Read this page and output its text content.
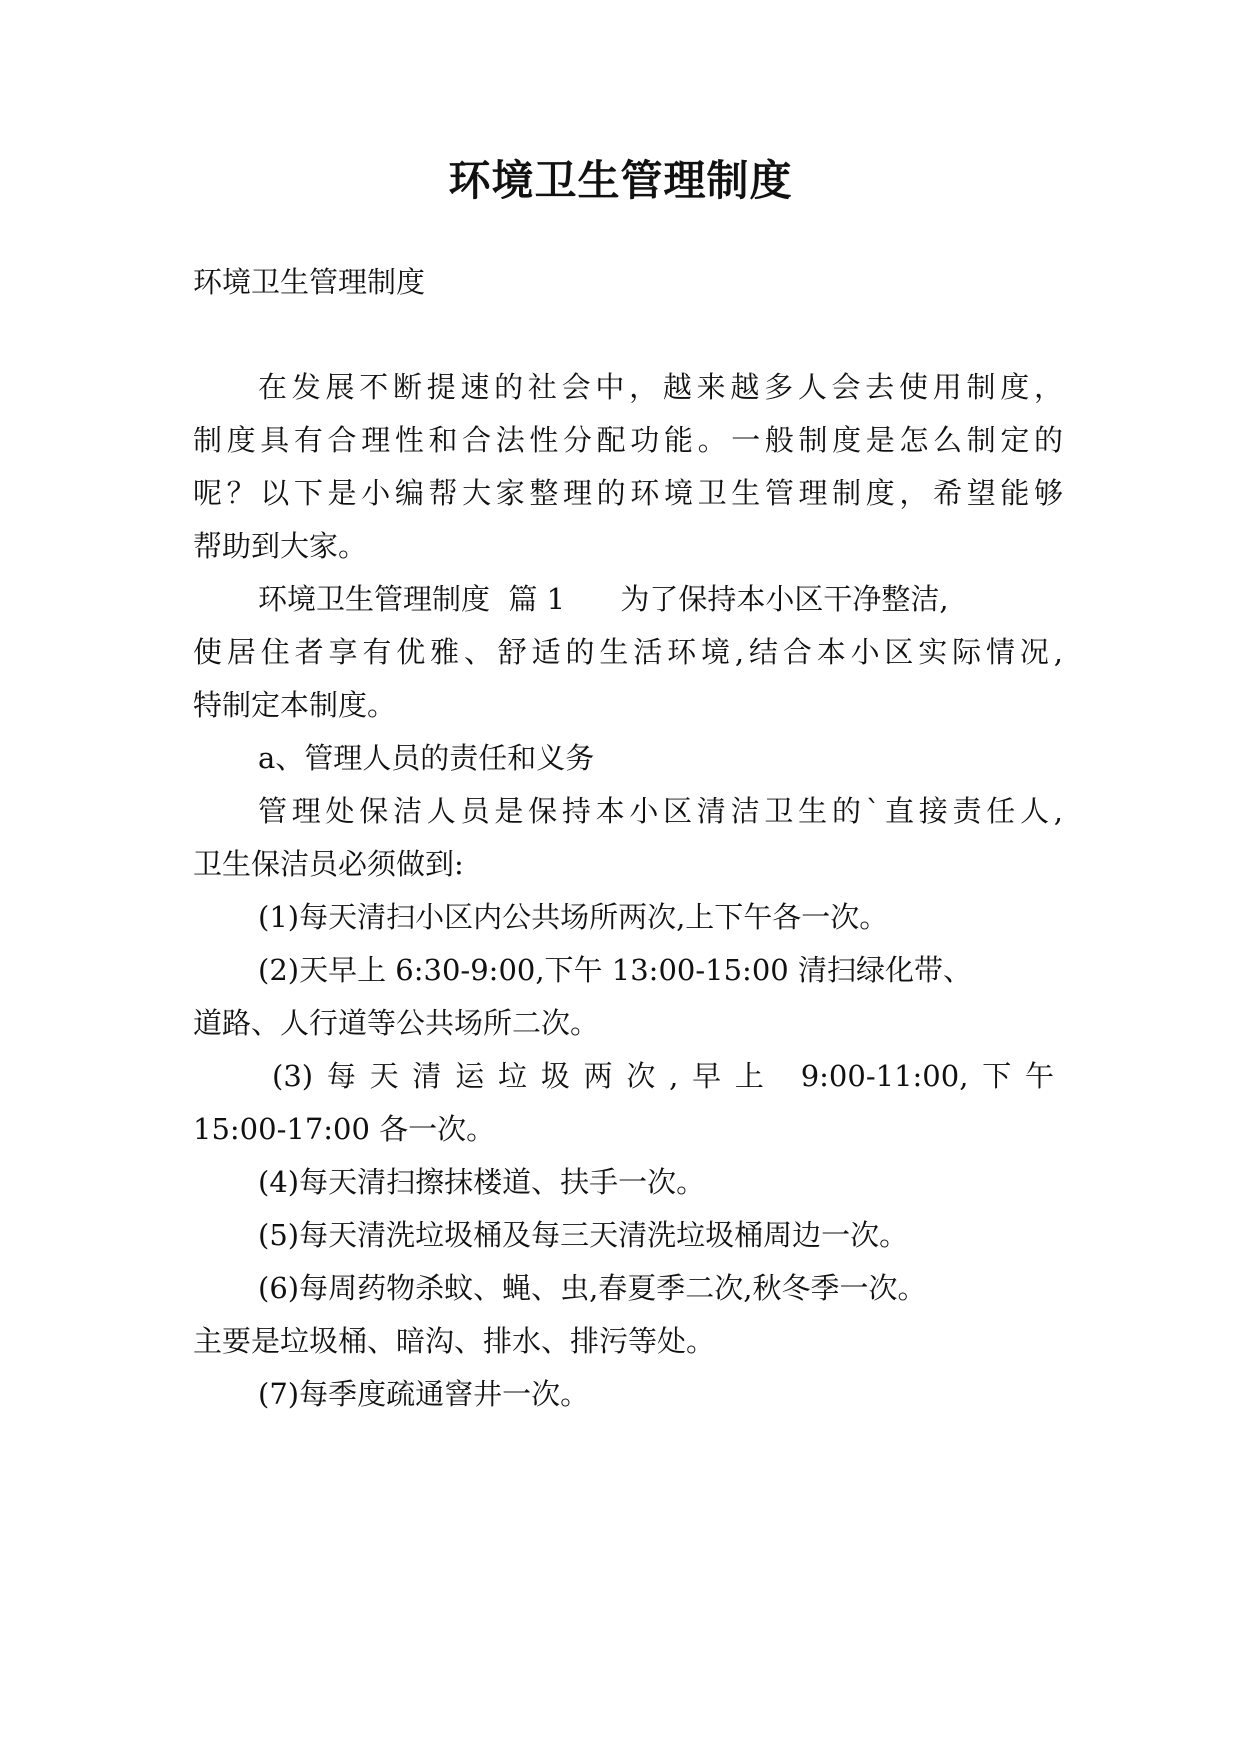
环境卫生管理制度

环境卫生管理制度

在发展不断提速的社会中，越来越多人会去使用制度，

制度具有合理性和合法性分配功能。一般制度是怎么制定的

呢？以下是小编帮大家整理的环境卫生管理制度，希望能够

帮助到大家。

环境卫生管理制度  篇 1      为了保持本小区干净整洁,

使居住者享有优雅、舒适的生活环境,结合本小区实际情况,

特制定本制度。

a、管理人员的责任和义务

管理处保洁人员是保持本小区清洁卫生的`直接责任人,

卫生保洁员必须做到:

(1)每天清扫小区内公共场所两次,上下午各一次。

(2)天早上 6:30-9:00,下午 13:00-15:00 清扫绿化带、

道路、人行道等公共场所二次。

(3)每天清运垃圾两次,早上 9:00-11:00,下午

15:00-17:00 各一次。

(4)每天清扫擦抹楼道、扶手一次。

(5)每天清洗垃圾桶及每三天清洗垃圾桶周边一次。

(6)每周药物杀蚊、蝇、虫,春夏季二次,秋冬季一次。

主要是垃圾桶、暗沟、排水、排污等处。

(7)每季度疏通窨井一次。
